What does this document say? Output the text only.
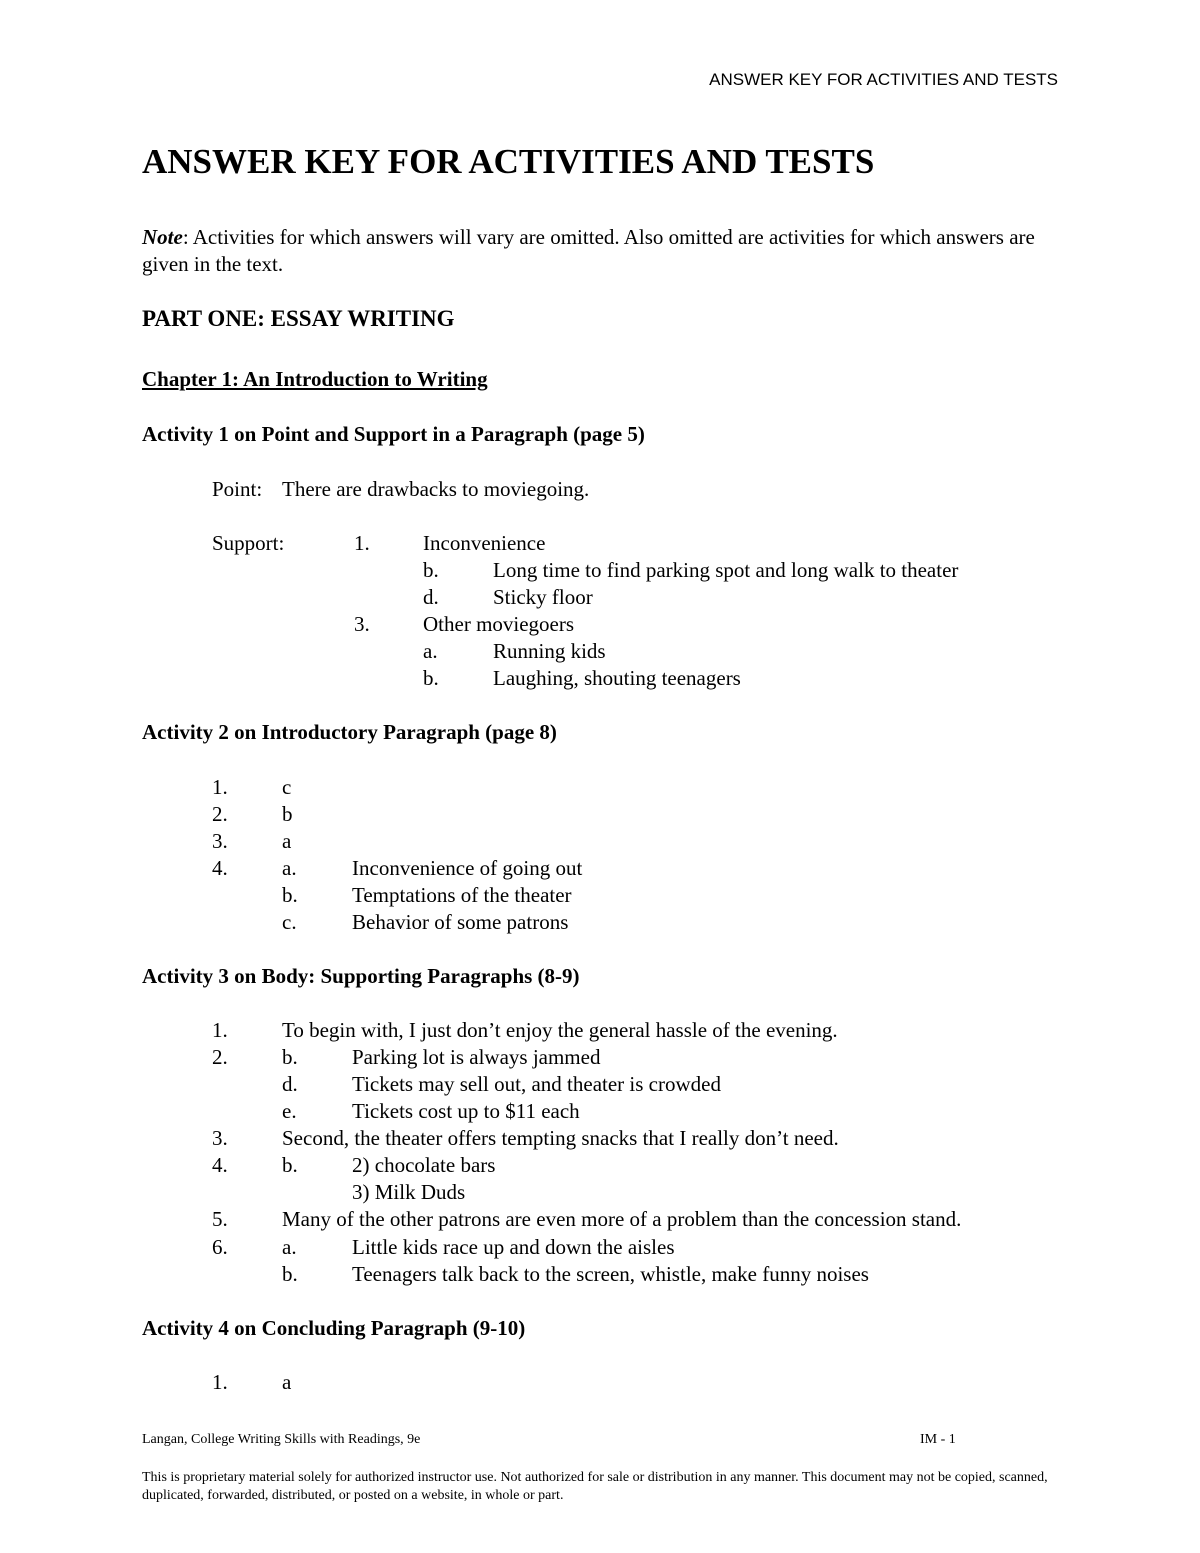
ANSWER KEY FOR ACTIVITIES AND TESTS
ANSWER KEY FOR ACTIVITIES AND TESTS
Note: Activities for which answers will vary are omitted. Also omitted are activities for which answers are given in the text.
PART ONE: ESSAY WRITING
Chapter 1: An Introduction to Writing
Activity 1 on Point and Support in a Paragraph (page 5)
Point: There are drawbacks to moviegoing.
Support:	1.	Inconvenience
b.	Long time to find parking spot and long walk to theater
d.	Sticky floor
3.	Other moviegoers
a.	Running kids
b.	Laughing, shouting teenagers
Activity 2 on Introductory Paragraph (page 8)
1.	c
2.	b
3.	a
4.	a.	Inconvenience of going out
b.	Temptations of the theater
c.	Behavior of some patrons
Activity 3 on Body: Supporting Paragraphs (8-9)
1.	To begin with, I just don’t enjoy the general hassle of the evening.
2.	b.	Parking lot is always jammed
d.	Tickets may sell out, and theater is crowded
e.	Tickets cost up to $11 each
3.	Second, the theater offers tempting snacks that I really don’t need.
4.	b.	2) chocolate bars
3) Milk Duds
5.	Many of the other patrons are even more of a problem than the concession stand.
6.	a.	Little kids race up and down the aisles
b.	Teenagers talk back to the screen, whistle, make funny noises
Activity 4 on Concluding Paragraph (9-10)
1.	a
Langan, College Writing Skills with Readings, 9e	IM - 1
This is proprietary material solely for authorized instructor use. Not authorized for sale or distribution in any manner. This document may not be copied, scanned, duplicated, forwarded, distributed, or posted on a website, in whole or part.
